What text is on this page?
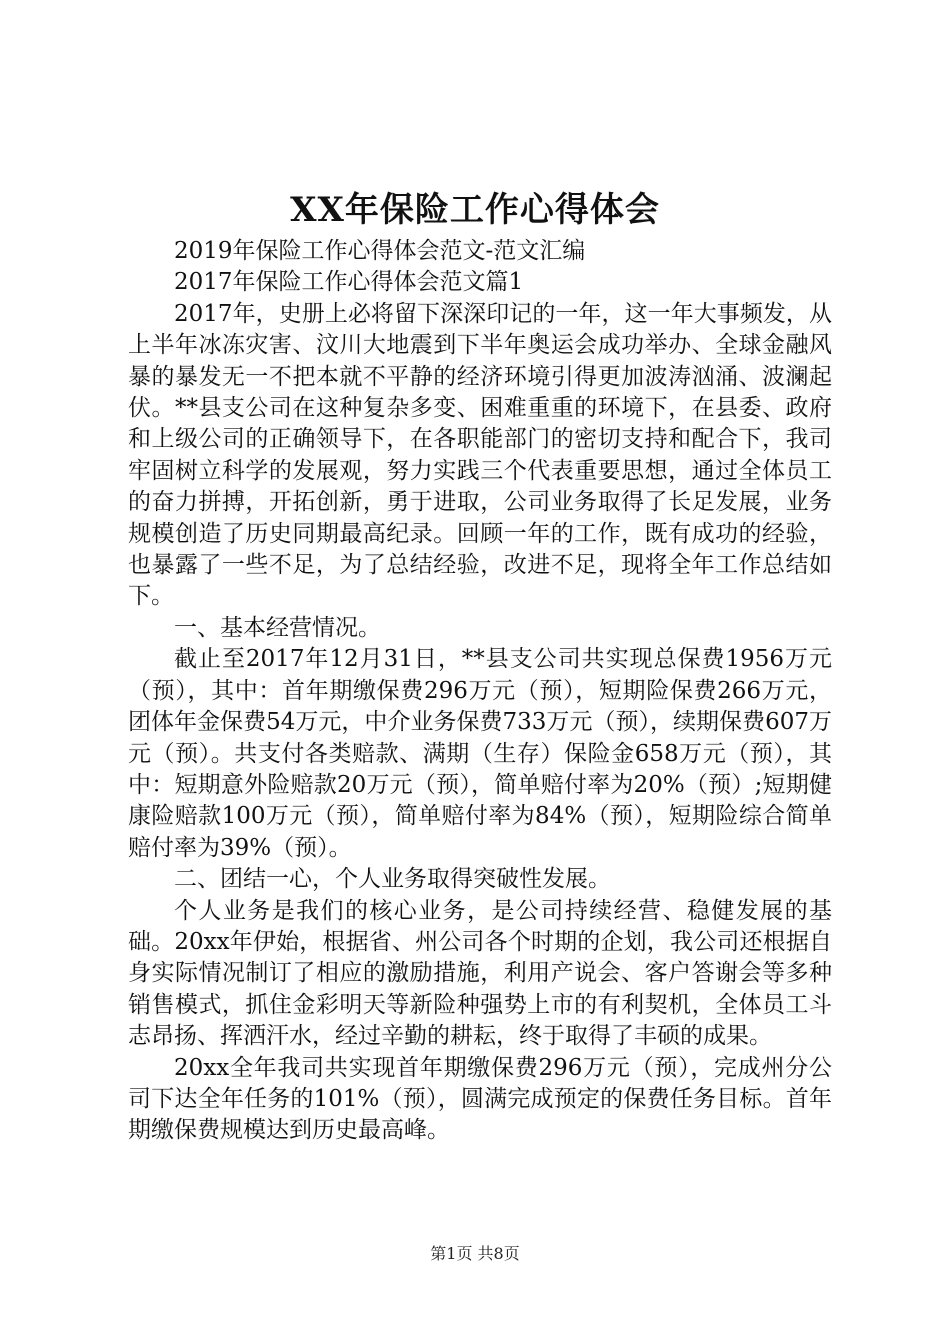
XX年保险工作心得体会

2019年保险工作心得体会范文-范文汇编

2017年保险工作心得体会范文篇1

2017年，史册上必将留下深深印记的一年，这一年大事频发，从上半年冰冻灾害、汶川大地震到下半年奥运会成功举办、全球金融风暴的暴发无一不把本就不平静的经济环境引得更加波涛汹涌、波澜起伏。**县支公司在这种复杂多变、困难重重的环境下，在县委、政府和上级公司的正确领导下，在各职能部门的密切支持和配合下，我司牢固树立科学的发展观，努力实践三个代表重要思想，通过全体员工的奋力拼搏，开拓创新，勇于进取，公司业务取得了长足发展，业务规模创造了历史同期最高纪录。回顾一年的工作，既有成功的经验，也暴露了一些不足，为了总结经验，改进不足，现将全年工作总结如下。

一、基本经营情况。

截止至2017年12月31日，**县支公司共实现总保费1956万元（预），其中：首年期缴保费296万元（预），短期险保费266万元，团体年金保费54万元，中介业务保费733万元（预），续期保费607万元（预）。共支付各类赔款、满期（生存）保险金658万元（预），其中：短期意外险赔款20万元（预），简单赔付率为20%（预）;短期健康险赔款100万元（预），简单赔付率为84%（预），短期险综合简单赔付率为39%（预）。

二、团结一心，个人业务取得突破性发展。

个人业务是我们的核心业务，是公司持续经营、稳健发展的基础。20xx年伊始，根据省、州公司各个时期的企划，我公司还根据自身实际情况制订了相应的激励措施，利用产说会、客户答谢会等多种销售模式，抓住金彩明天等新险种强势上市的有利契机，全体员工斗志昂扬、挥洒汗水，经过辛勤的耕耘，终于取得了丰硕的成果。

20xx全年我司共实现首年期缴保费296万元（预），完成州分公司下达全年任务的101%（预），圆满完成预定的保费任务目标。首年期缴保费规模达到历史最高峰。

第1页 共8页
